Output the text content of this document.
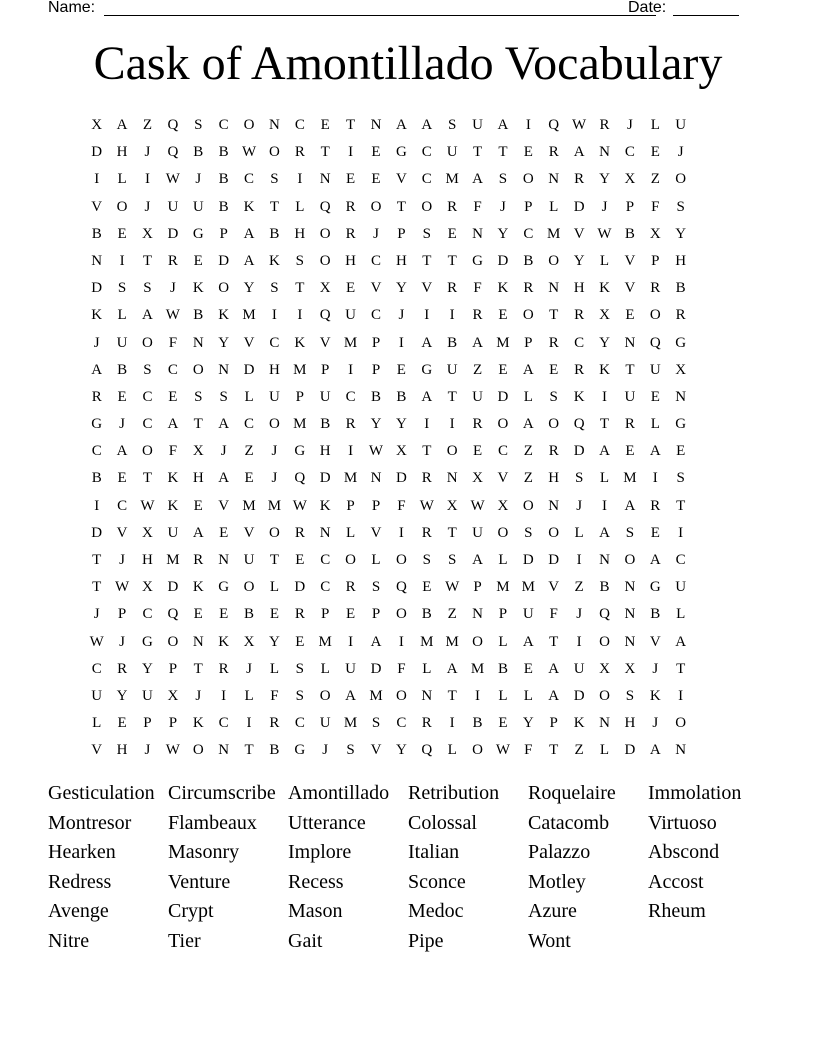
Name:	Date:
Cask of Amontillado Vocabulary
X A	Z	Q	S	C O N C	E	T	N A A	S	U A	I	Q W R	J	L	U
D H	J	Q B	B W O R	T	I	E	G C U	T	T	E	R A N C	E	J
I	L	I	W	J	B	C	S	I	N	E	E	V C M A	S	O N R Y X	Z	O
V O	J	U U B K	T	L	Q R O	T	O R	F	J	P	L	D	J	P	F	S
B	E	X D G	P	A B H O R	J	P	S	E	N Y C M V W B X Y
N	I	T	R	E	D A K	S	O H C H	T	T	G D B O Y	L	V	P	H
D	S	S	J	K O Y	S	T	X	E	V Y V R	F	K R N H K V R	B
K	L	A W B K M	I	I	Q U C	J	I	I	R	E	O	T	R X	E	O R
J	U O	F	N Y V C K V M P	I	A B A M P	R	C Y N Q G
A B	S	C O N D H M P	I	P	E	G U	Z	E	A	E	R K	T	U X
R	E	C	E	S	S	L	U	P	U C	B	B A	T	U D	L	S	K	I	U	E	N
G	J	C A	T	A C O M B	R Y Y	I	I	R O A O Q	T	R	L	G
C A O	F	X	J	Z	J	G H	I	W X	T	O	E	C	Z	R D A	E	A	E
B	E	T	K H A	E	J	Q D M N D R N X V	Z	H	S	L M	I	S
I	C W K	E	V M M W K	P	P	F W X W X O N	J	I	A R	T
D V X U A	E	V O R N	L	V	I	R	T	U O	S	O	L	A	S	E	I
T	J	H M R N U	T	E	C O	L	O	S	S	A	L	D D	I	N O A C
T W X D K G O	L	D C	R	S	Q	E W P M M V	Z	B N G U
J	P	C Q	E	E	B	E	R	P	E	P	O B	Z	N	P	U	F	J	Q N B	L
W	J	G O N K X Y	E M	I	A	I	M M O	L	A	T	I	O N V A
C	R Y	P	T	R	J	L	S	L	U D	F	L	A M B	E	A U X X	J	T
U Y U X	J	I	L	F	S	O A M O N	T	I	L	L	A D O	S	K	I
L	E	P	P	K C	I	R	C U M S	C	R	I	B	E	Y	P	K N H	J	O
V H	J	W O N	T	B G	J	S	V Y Q	L	O W F	T	Z	L	D A N
Gesticulation Circumscribe Amontillado Retribution	Roquelaire	Immolation
Montresor	Flambeaux	Utterance	Colossal	Catacomb	Virtuoso
Hearken	Masonry	Implore	Italian	Palazzo	Abscond
Redress	Venture	Recess	Sconce	Motley	Accost
Avenge	Crypt	Mason	Medoc	Azure	Rheum
Nitre	Tier	Gait	Pipe	Wont
